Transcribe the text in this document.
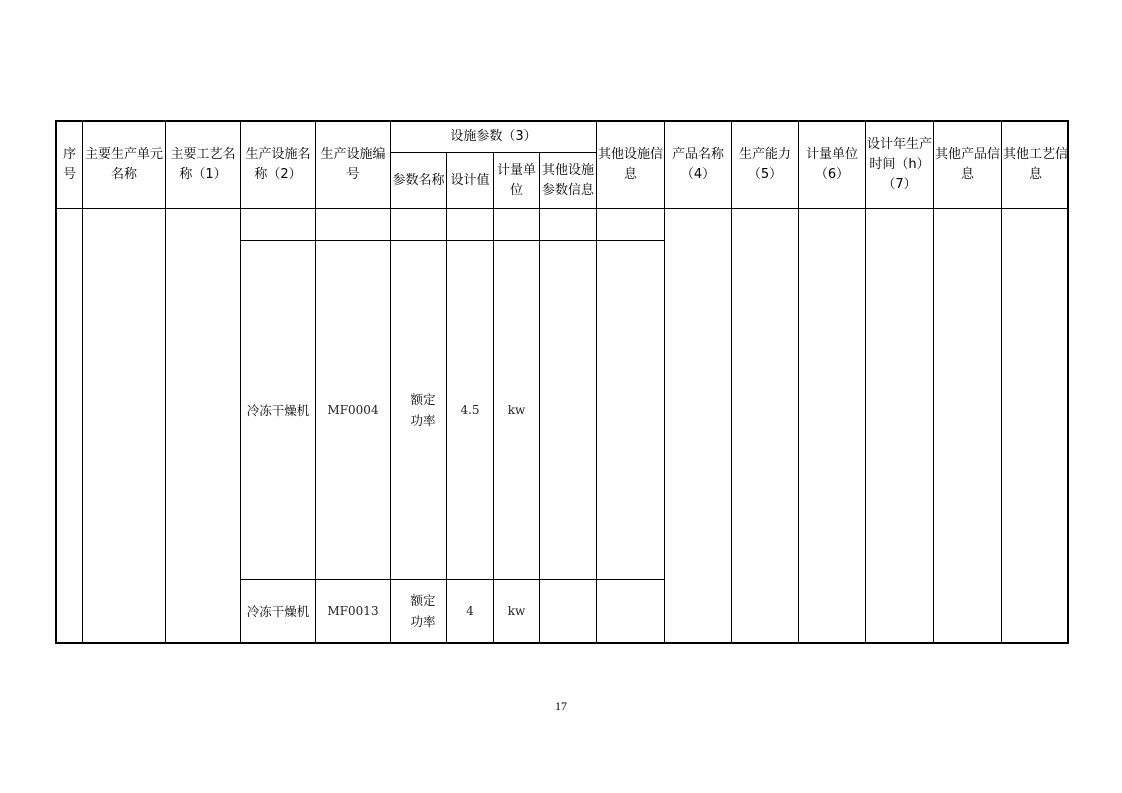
序号
主要生产单元名称
主要工艺名称（1）
生产设施名称（2）
生产设施编号
设施参数（3）
参数名称 设计值
计量单位
其他设施参数信息
其他设施信息
产品名称（4）
生产能力（5）
计量单位（6）
设计年生产时间（h）（7）
其他产品信息
其他工艺信息
冷冻干燥机 MF0004
额定功率
4.5 kw
冷冻干燥机 MF0013
额定功率
4	kw
17
